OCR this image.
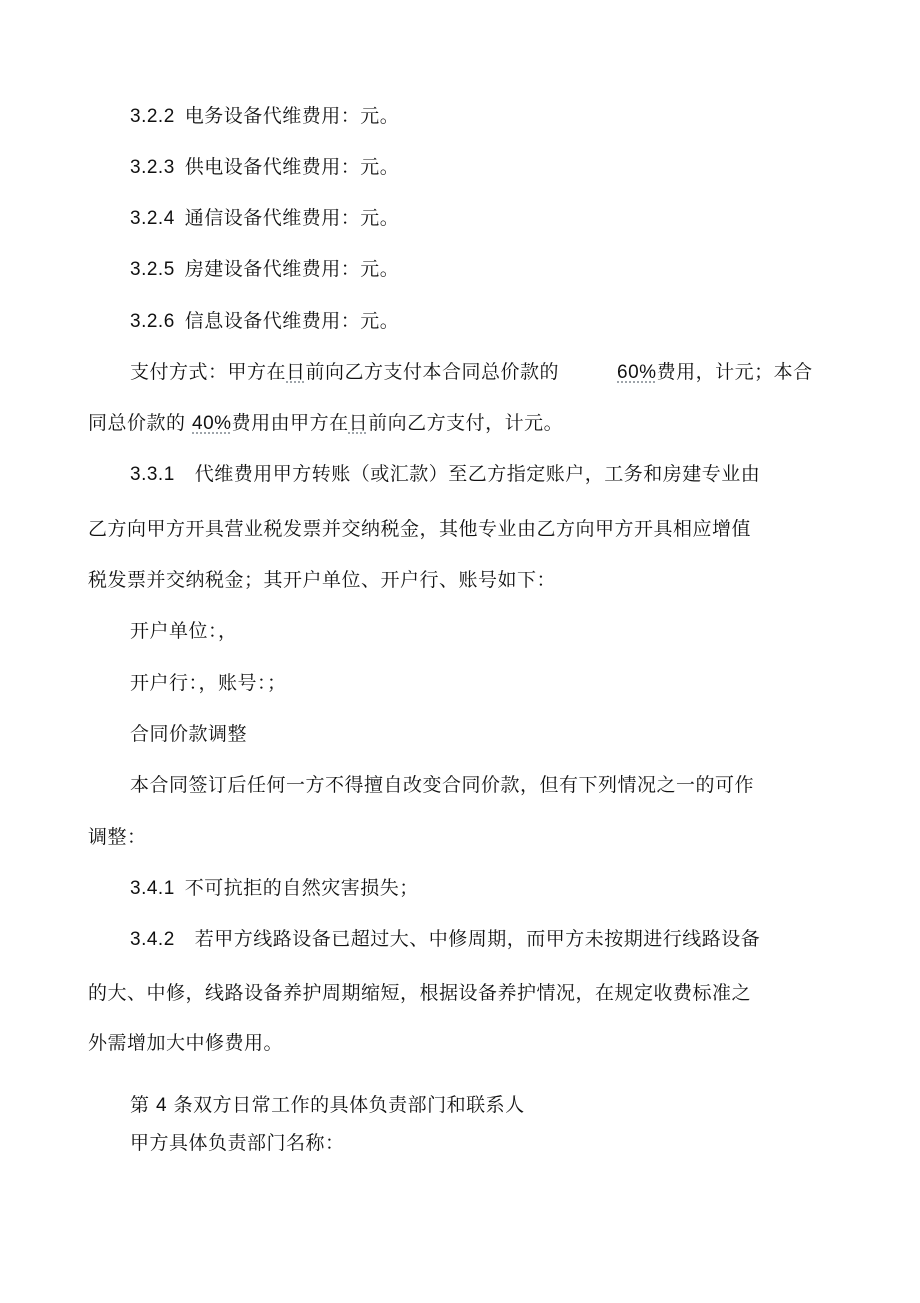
3.2.2 电务设备代维费用：元。
3.2.3 供电设备代维费用：元。
3.2.4 通信设备代维费用：元。
3.2.5 房建设备代维费用：元。
3.2.6 信息设备代维费用：元。
支付方式：甲方在日前向乙方支付本合同总价款的	60%费用，计元；本合
同总价款的 40%费用由甲方在日前向乙方支付，计元。
3.3.1 代维费用甲方转账（或汇款）至乙方指定账户，工务和房建专业由
乙方向甲方开具营业税发票并交纳税金，其他专业由乙方向甲方开具相应增值
税发票并交纳税金；其开户单位、开户行、账号如下：
开户单位：，
开户行：，账号：；
合同价款调整
本合同签订后任何一方不得擅自改变合同价款，但有下列情况之一的可作
调整：
3.4.1 不可抗拒的自然灾害损失；
3.4.2 若甲方线路设备已超过大、中修周期，而甲方未按期进行线路设备
的大、中修，线路设备养护周期缩短，根据设备养护情况，在规定收费标准之
外需增加大中修费用。
第 4 条双方日常工作的具体负责部门和联系人
甲方具体负责部门名称：
